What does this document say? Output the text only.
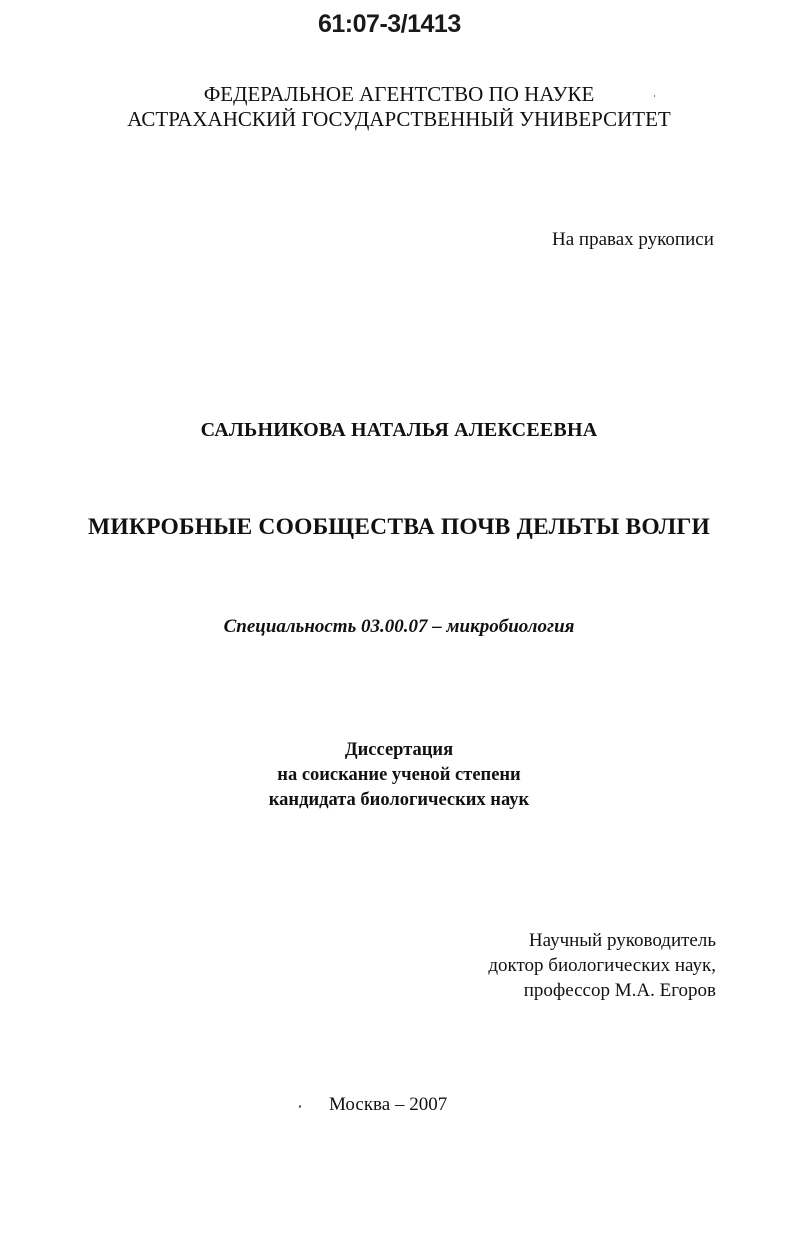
61:07-3/1413
ФЕДЕРАЛЬНОЕ АГЕНТСТВО ПО НАУКЕ
АСТРАХАНСКИЙ ГОСУДАРСТВЕННЫЙ УНИВЕРСИТЕТ
На правах рукописи
САЛЬНИКОВА НАТАЛЬЯ АЛЕКСЕЕВНА
МИКРОБНЫЕ СООБЩЕСТВА ПОЧВ ДЕЛЬТЫ ВОЛГИ
Специальность 03.00.07 – микробиология
Диссертация
на соискание ученой степени
кандидата биологических наук
Научный руководитель
доктор биологических наук,
профессор М.А. Егоров
Москва – 2007
